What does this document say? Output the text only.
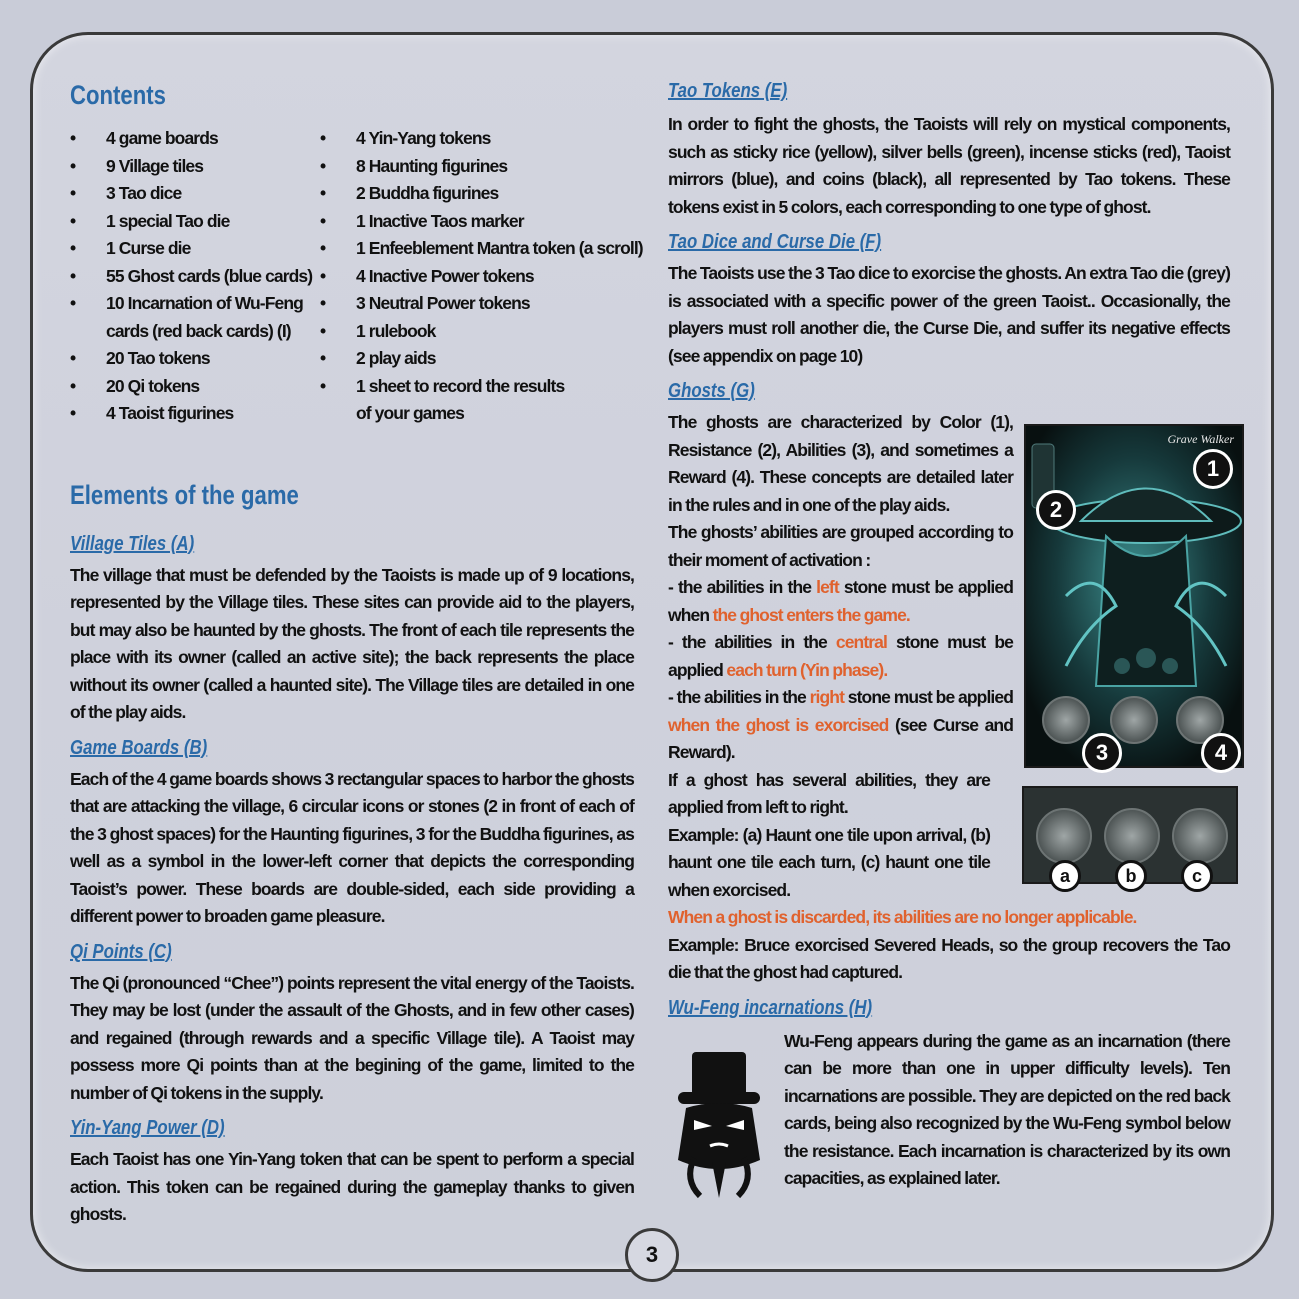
Contents
• 4 game boards
• 9 Village tiles
• 3 Tao dice
• 1 special Tao die
• 1 Curse die
• 55 Ghost cards (blue cards)
• 10 Incarnation of Wu-Feng
cards (red back cards) (I)
• 20 Tao tokens
• 20 Qi tokens
• 4 Taoist figurines
• 4 Yin-Yang tokens
• 8 Haunting figurines
• 2 Buddha figurines
• 1 Inactive Taos marker
• 1 Enfeeblement Mantra token (a scroll)
• 4 Inactive Power tokens
• 3 Neutral Power tokens
• 1 rulebook
• 2 play aids
• 1 sheet to record the results
of your games
Elements of the game
Village Tiles (A)

The village that must be defended by the Taoists is made up of 9 locations, represented by the Village tiles. These sites can provide aid to the players, but may also be haunted by the ghosts. The front of each tile represents the place with its owner (called an active site); the back represents the place without its owner (called a haunted site). The Village tiles are detailed in one of the play aids.

Game Boards (B)

Each of the 4 game boards shows 3 rectangular spaces to harbor the ghosts that are attacking the village, 6 circular icons or stones (2 in front of each of the 3 ghost spaces) for the Haunting figurines, 3 for the Buddha figurines, as well as a symbol in the lower-left corner that depicts the corresponding Taoist’s power. These boards are double-sided, each side providing a different power to broaden game pleasure.

Qi Points (C)

The Qi (pronounced “Chee”) points represent the vital energy of the Taoists. They may be lost (under the assault of the Ghosts, and in few other cases) and regained (through rewards and a specific Village tile). A Taoist may possess more Qi points than at the begining of the game, limited to the number of Qi tokens in the supply.

Yin-Yang Power (D)

Each Taoist has one Yin-Yang token that can be spent to perform a special action. This token can be regained during the gameplay thanks to given ghosts.

Tao Tokens (E)

In order to fight the ghosts, the Taoists will rely on mystical components, such as sticky rice (yellow), silver bells (green), incense sticks (red), Taoist mirrors (blue), and coins (black), all represented by Tao tokens. These tokens exist in 5 colors, each corresponding to one type of ghost.

Tao Dice and Curse Die (F)

The Taoists use the 3 Tao dice to exorcise the ghosts. An extra Tao die (grey) is associated with a specific power of the green Taoist.. Occasionally, the players must roll another die, the Curse Die, and suffer its negative effects (see appendix on page 10)

Ghosts (G)

The ghosts are characterized by Color (1), Resistance (2), Abilities (3), and sometimes a Reward (4). These concepts are detailed later in the rules and in one of the play aids.

The ghosts’ abilities are grouped according to their moment of activation :

- the abilities in the left stone must be applied when the ghost enters the game.

- the abilities in the central stone must be applied each turn (Yin phase).

- the abilities in the right stone must be applied when the ghost is exorcised (see Curse and Reward).

If a ghost has several abilities, they are applied from left to right.

Example: (a) Haunt one tile upon arrival, (b) haunt one tile each turn, (c) haunt one tile when exorcised.

When a ghost is discarded, its abilities are no longer applicable.

Example: Bruce exorcised Severed Heads, so the group recovers the Tao die that the ghost had captured.

Wu-Feng incarnations (H)

Wu-Feng appears during the game as an incarnation (there can be more than one in upper difficulty levels). Ten incarnations are possible. They are depicted on the red back cards, being also recognized by the Wu-Feng symbol below the resistance. Each incarnation is characterized by its own capacities, as explained later.

Grave Walker
1
2
3	4
a	b	c
3
